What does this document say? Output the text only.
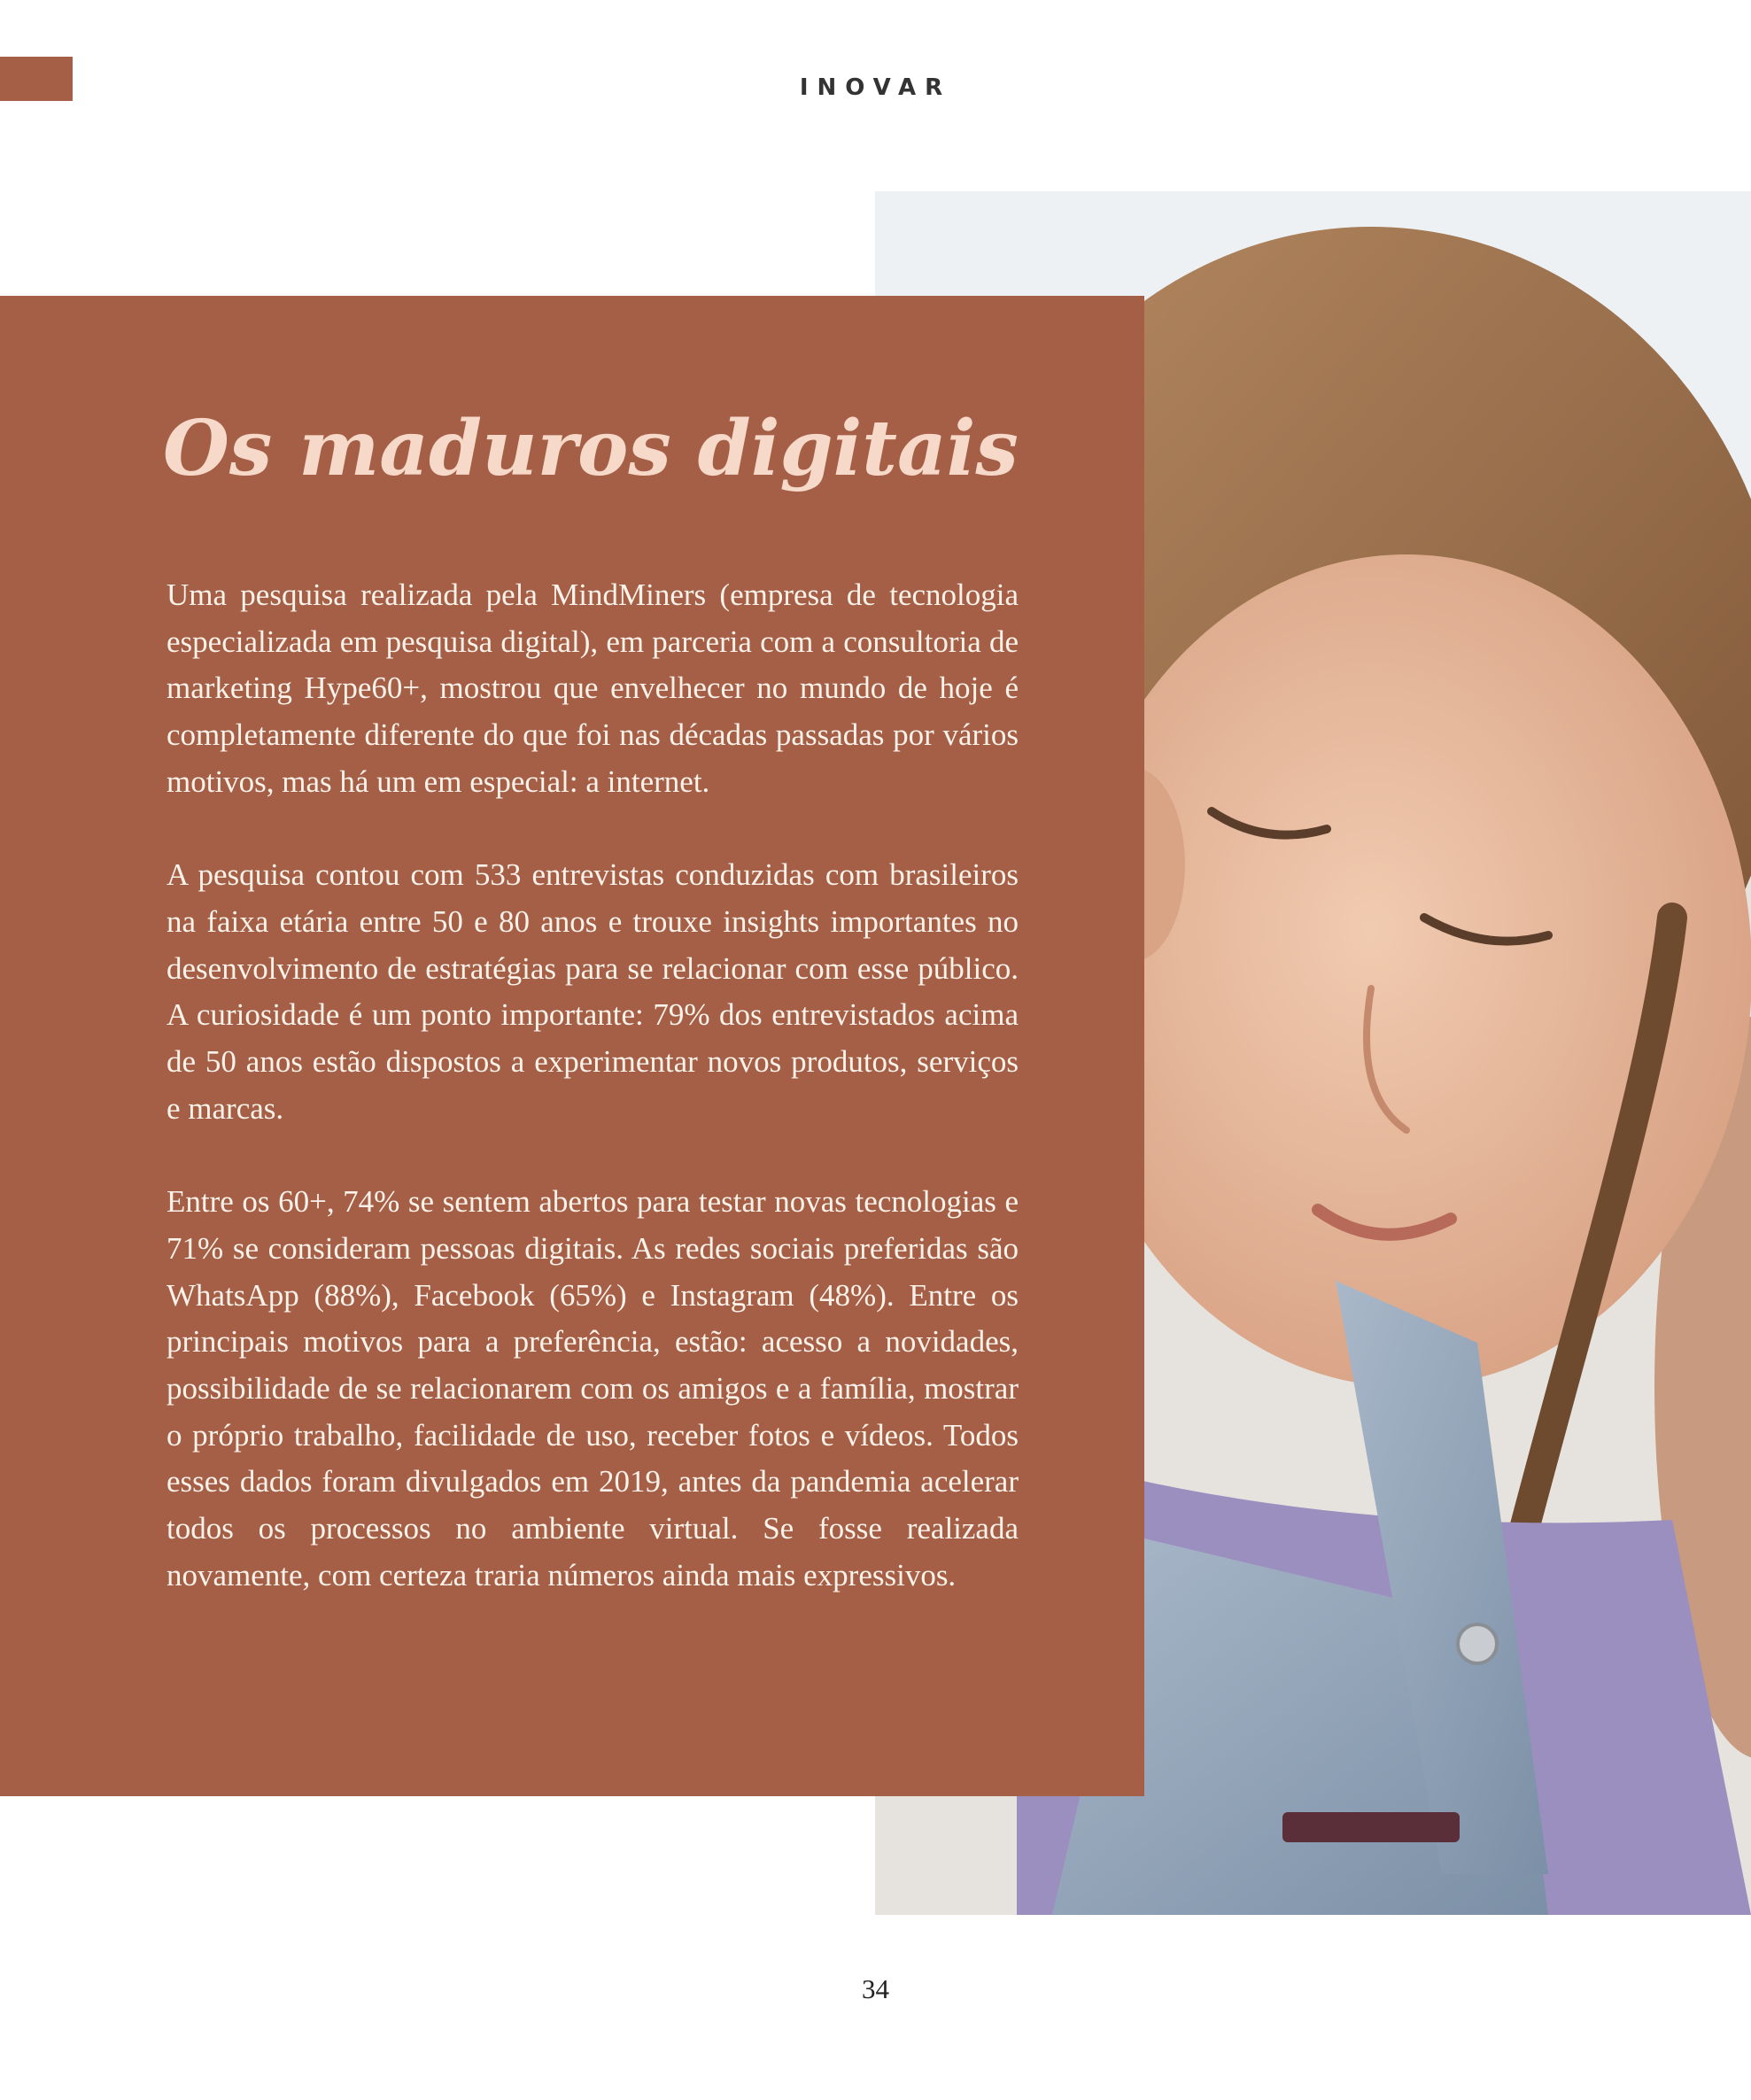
INOVAR
Os maduros digitais

Uma pesquisa realizada pela MindMiners (empresa de tecnologia especializada em pesquisa digital), em parceria com a consultoria de marketing Hype60+, mostrou que envelhecer no mundo de hoje é completamente diferente do que foi nas décadas passadas por vários motivos, mas há um em especial: a internet.

A pesquisa contou com 533 entrevistas conduzidas com brasileiros na faixa etária entre 50 e 80 anos e trouxe insights importantes no desenvolvimento de estratégias para se relacionar com esse público. A curiosidade é um ponto importante: 79% dos entrevistados acima de 50 anos estão dispostos a experimentar novos produtos, serviços e marcas.

Entre os 60+, 74% se sentem abertos para testar novas tecnologias e 71% se consideram pessoas digitais. As redes sociais preferidas são WhatsApp (88%), Facebook (65%) e Instagram (48%). Entre os principais motivos para a preferência, estão: acesso a novidades, possibilidade de se relacionarem com os amigos e a família, mostrar o próprio trabalho, facilidade de uso, receber fotos e vídeos. Todos esses dados foram divulgados em 2019, antes da pandemia acelerar todos os processos no ambiente virtual. Se fosse realizada novamente, com certeza traria números ainda mais expressivos.

34
